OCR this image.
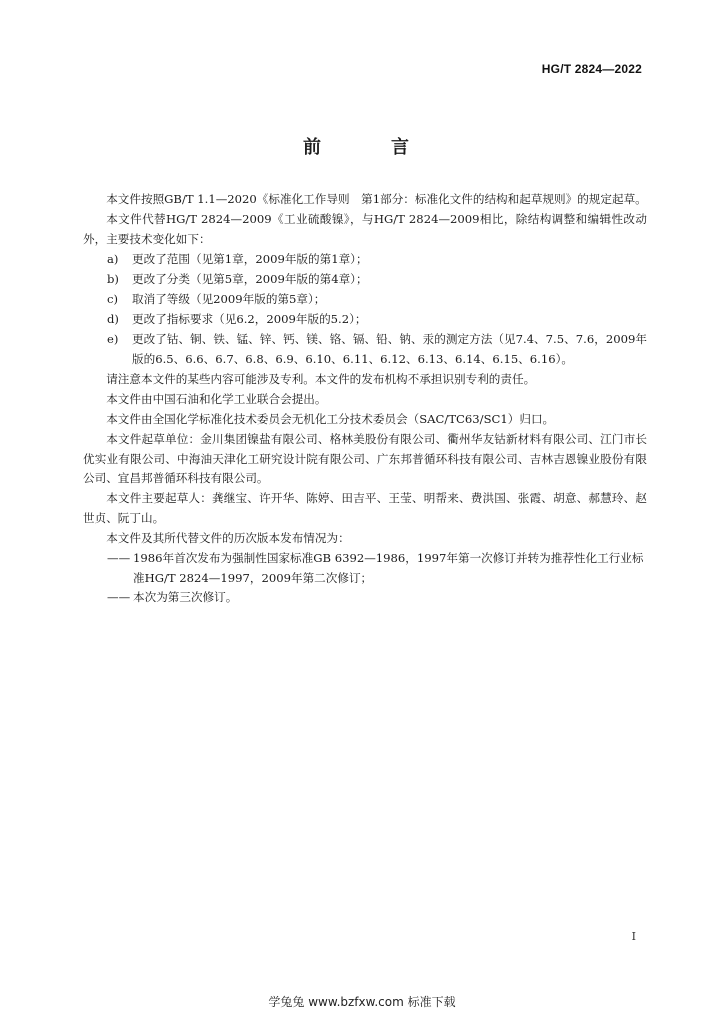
HG/T 2824—2022
前　言

本文件按照GB/T 1.1—2020《标准化工作导则　第1部分：标准化文件的结构和起草规则》的规定起草。

本文件代替HG/T 2824—2009《工业硫酸镍》，与HG/T 2824—2009相比，除结构调整和编辑性改动外，主要技术变化如下：

a)	更改了范围（见第1章，2009年版的第1章）；
b)	更改了分类（见第5章，2009年版的第4章）；
c)	取消了等级（见2009年版的第5章）；
d)	更改了指标要求（见6.2，2009年版的5.2）；
e)	更改了钴、铜、铁、锰、锌、钙、镁、铬、镉、铅、钠、汞的测定方法（见7.4、7.5、7.6，2009年版的6.5、6.6、6.7、6.8、6.9、6.10、6.11、6.12、6.13、6.14、6.15、6.16）。

请注意本文件的某些内容可能涉及专利。本文件的发布机构不承担识别专利的责任。

本文件由中国石油和化学工业联合会提出。

本文件由全国化学标准化技术委员会无机化工分技术委员会（SAC/TC63/SC1）归口。

本文件起草单位：金川集团镍盐有限公司、格林美股份有限公司、衢州华友钴新材料有限公司、江门市长优实业有限公司、中海油天津化工研究设计院有限公司、广东邦普循环科技有限公司、吉林吉恩镍业股份有限公司、宜昌邦普循环科技有限公司。

本文件主要起草人：龚继宝、许开华、陈婷、田吉平、王莹、明帮来、费洪国、张霞、胡意、郝慧玲、赵世贞、阮丁山。

本文件及其所代替文件的历次版本发布情况为：

—— 1986年首次发布为强制性国家标准GB 6392—1986，1997年第一次修订并转为推荐性化工行业标准HG/T 2824—1997，2009年第二次修订；
—— 本次为第三次修订。
I
学兔兔 www.bzfxw.com 标准下载
